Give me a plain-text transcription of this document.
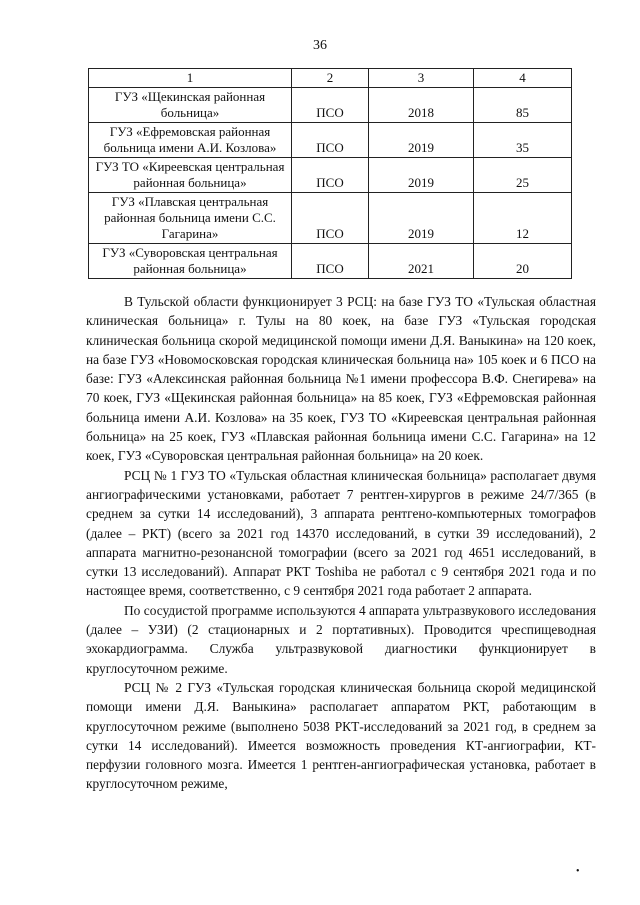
36
1	2	3	4
ГУЗ «Щекинская районная больница»	ПСО	2018	85
ГУЗ «Ефремовская районная больница имени А.И. Козлова»	ПСО	2019	35
ГУЗ ТО «Киреевская центральная районная больница»	ПСО	2019	25
ГУЗ «Плавская центральная районная больница имени С.С. Гагарина»	ПСО	2019	12
ГУЗ «Суворовская центральная районная больница»	ПСО	2021	20

В Тульской области функционирует 3 РСЦ: на базе ГУЗ ТО «Тульская областная клиническая больница» г. Тулы на 80 коек, на базе ГУЗ «Тульская городская клиническая больница скорой медицинской помощи имени Д.Я. Ваныкина» на 120 коек, на базе ГУЗ «Новомосковская городская клиническая больница на» 105 коек и 6 ПСО на базе: ГУЗ «Алексинская районная больница №1 имени профессора В.Ф. Снегирева» на 70 коек, ГУЗ «Щекинская районная больница» на 85 коек, ГУЗ «Ефремовская районная больница имени А.И. Козлова» на 35 коек, ГУЗ ТО «Киреевская центральная районная больница» на 25 коек, ГУЗ «Плавская районная больница имени С.С. Гагарина» на 12 коек, ГУЗ «Суворовская центральная районная больница» на 20 коек.

РСЦ № 1 ГУЗ ТО «Тульская областная клиническая больница» располагает двумя ангиографическими установками, работает 7 рентген-хирургов в режиме 24/7/365 (в среднем за сутки 14 исследований), 3 аппарата рентгено-компьютерных томографов (далее – РКТ) (всего за 2021 год 14370 исследований, в сутки 39 исследований), 2 аппарата магнитно-резонансной томографии (всего за 2021 год 4651 исследований, в сутки 13 исследований). Аппарат РКТ Toshiba не работал с 9 сентября 2021 года и по настоящее время, соответственно, с 9 сентября 2021 года работает 2 аппарата.

По сосудистой программе используются 4 аппарата ультразвукового исследования (далее – УЗИ) (2 стационарных и 2 портативных). Проводится чреспищеводная эхокардиограмма. Служба ультразвуковой диагностики функционирует в круглосуточном режиме.

РСЦ № 2 ГУЗ «Тульская городская клиническая больница скорой медицинской помощи имени Д.Я. Ваныкина» располагает аппаратом РКТ, работающим в круглосуточном режиме (выполнено 5038 РКТ-исследований за 2021 год, в среднем за сутки 14 исследований). Имеется возможность проведения КТ-ангиографии, КТ-перфузии головного мозга. Имеется 1 рентген-ангиографическая установка, работает в круглосуточном режиме,

•
